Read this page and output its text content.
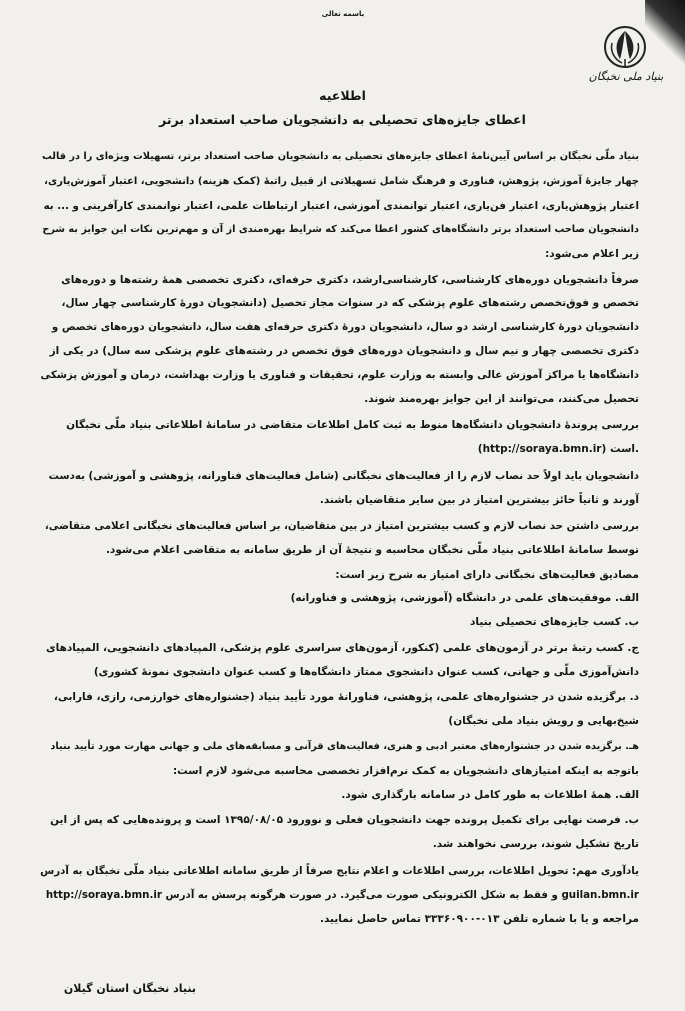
باسمه تعالی
بنیاد ملی نخبگان
اطلاعیه
اعطای جایزه‌های تحصیلی به دانشجویان صاحب استعداد برتر
بنیاد ملّی نخبگان بر اساس آیین‌نامهٔ اعطای جایزه‌های تحصیلی به دانشجویان صاحب استعداد برتر، تسهیلات ویژه‌ای را در قالب
چهار جایزهٔ آموزش، پژوهش، فناوری و فرهنگ شامل تسهیلاتی از قبیل راتبهٔ (کمک هزینه) دانشجویی، اعتبار آموزش‌یاری،
اعتبار پژوهش‌یاری، اعتبار فن‌یاری، اعتبار توانمندی آموزشی، اعتبار ارتباطات علمی، اعتبار توانمندی کارآفرینی و ... به
دانشجویان صاحب استعداد برتر دانشگاه‌های کشور اعطا می‌کند که شرایط بهره‌مندی از آن و مهم‌ترین نکات این جوایز به شرح
زیر اعلام می‌شود:
صرفاً دانشجویان دوره‌های کارشناسی، کارشناسی‌ارشد، دکتری حرفه‌ای، دکتری تخصصی همهٔ رشته‌ها و دوره‌های
تخصص و فوق‌تخصص رشته‌های علوم پزشکی که در سنوات مجاز تحصیل (دانشجویان دورهٔ کارشناسی چهار سال،
دانشجویان دورهٔ کارشناسی ارشد دو سال، دانشجویان دورهٔ دکتری حرفه‌ای هفت سال، دانشجویان دوره‌های تخصص و
دکتری تخصصی چهار و نیم سال و دانشجویان دوره‌های فوق تخصص در رشته‌های علوم پزشکی سه سال) در یکی از
دانشگاه‌ها یا مراکز آموزش عالی وابسته به وزارت علوم، تحقیقات و فناوری یا وزارت بهداشت، درمان و آموزش پزشکی
تحصیل می‌کنند، می‌توانند از این جوایز بهره‌مند شوند.
بررسی پروندهٔ دانشجویان دانشگاه‌ها منوط به ثبت کامل اطلاعات متقاضی در سامانهٔ اطلاعاتی بنیاد ملّی نخبگان
(http://soraya.bmn.ir) است.
دانشجویان باید اولاً حد نصاب لازم را از فعالیت‌های نخبگانی (شامل فعالیت‌های فناورانه، پژوهشی و آموزشی) به‌دست
آورند و ثانیاً حائز بیشترین امتیاز در بین سایر متقاضیان باشند.
بررسی داشتن حد نصاب لازم و کسب بیشترین امتیاز در بین متقاضیان، بر اساس فعالیت‌های نخبگانی اعلامی متقاضی،
توسط سامانهٔ اطلاعاتی بنیاد ملّی نخبگان محاسبه و نتیجهٔ آن از طریق سامانه به متقاضی اعلام می‌شود.
مصادیق فعالیت‌های نخبگانی دارای امتیاز به شرح زیر است:
الف. موفقیت‌های علمی در دانشگاه (آموزشی، پژوهشی و فناورانه)
ب. کسب جایزه‌های تحصیلی بنیاد
ج. کسب رتبهٔ برتر در آزمون‌های علمی (کنکور، آزمون‌های سراسری علوم پزشکی، المپیادهای دانشجویی، المپیادهای
دانش‌آموزی ملّی و جهانی، کسب عنوان دانشجوی ممتاز دانشگاه‌ها و کسب عنوان دانشجوی نمونهٔ کشوری)
د. برگزیده شدن در جشنواره‌های علمی، پژوهشی، فناورانهٔ مورد تأیید بنیاد (جشنواره‌های خوارزمی، رازی، فارابی،
شیخ‌بهایی و رویش بنیاد ملی نخبگان)
هـ. برگزیده شدن در جشنواره‌های معتبر ادبی و هنری، فعالیت‌های قرآنی و مسابقه‌های ملی و جهانی مهارت مورد تأیید بنیاد
باتوجه به اینکه امتیازهای دانشجویان به کمک نرم‌افزار تخصصی محاسبه می‌شود لازم است:
الف. همهٔ اطلاعات به طور کامل در سامانه بارگذاری شود.
ب. فرصت نهایی برای تکمیل پرونده جهت دانشجویان فعلی و نوورود ۱۳۹۵/۰۸/۰۵ است و پرونده‌هایی که پس از این
تاریخ تشکیل شوند، بررسی نخواهند شد.
یادآوری مهم: تحویل اطلاعات، بررسی اطلاعات و اعلام نتایج صرفاً از طریق سامانه اطلاعاتی بنیاد ملّی نخبگان به آدرس
http://soraya.bmn.ir و فقط به شکل الکترونیکی صورت می‌گیرد. در صورت هرگونه پرسش به آدرس guilan.bmn.ir
مراجعه و یا با شماره تلفن ۰۱۳-۳۳۳۶۰۹۰۰ تماس حاصل نمایید.
بنیاد نخبگان استان گیلان
